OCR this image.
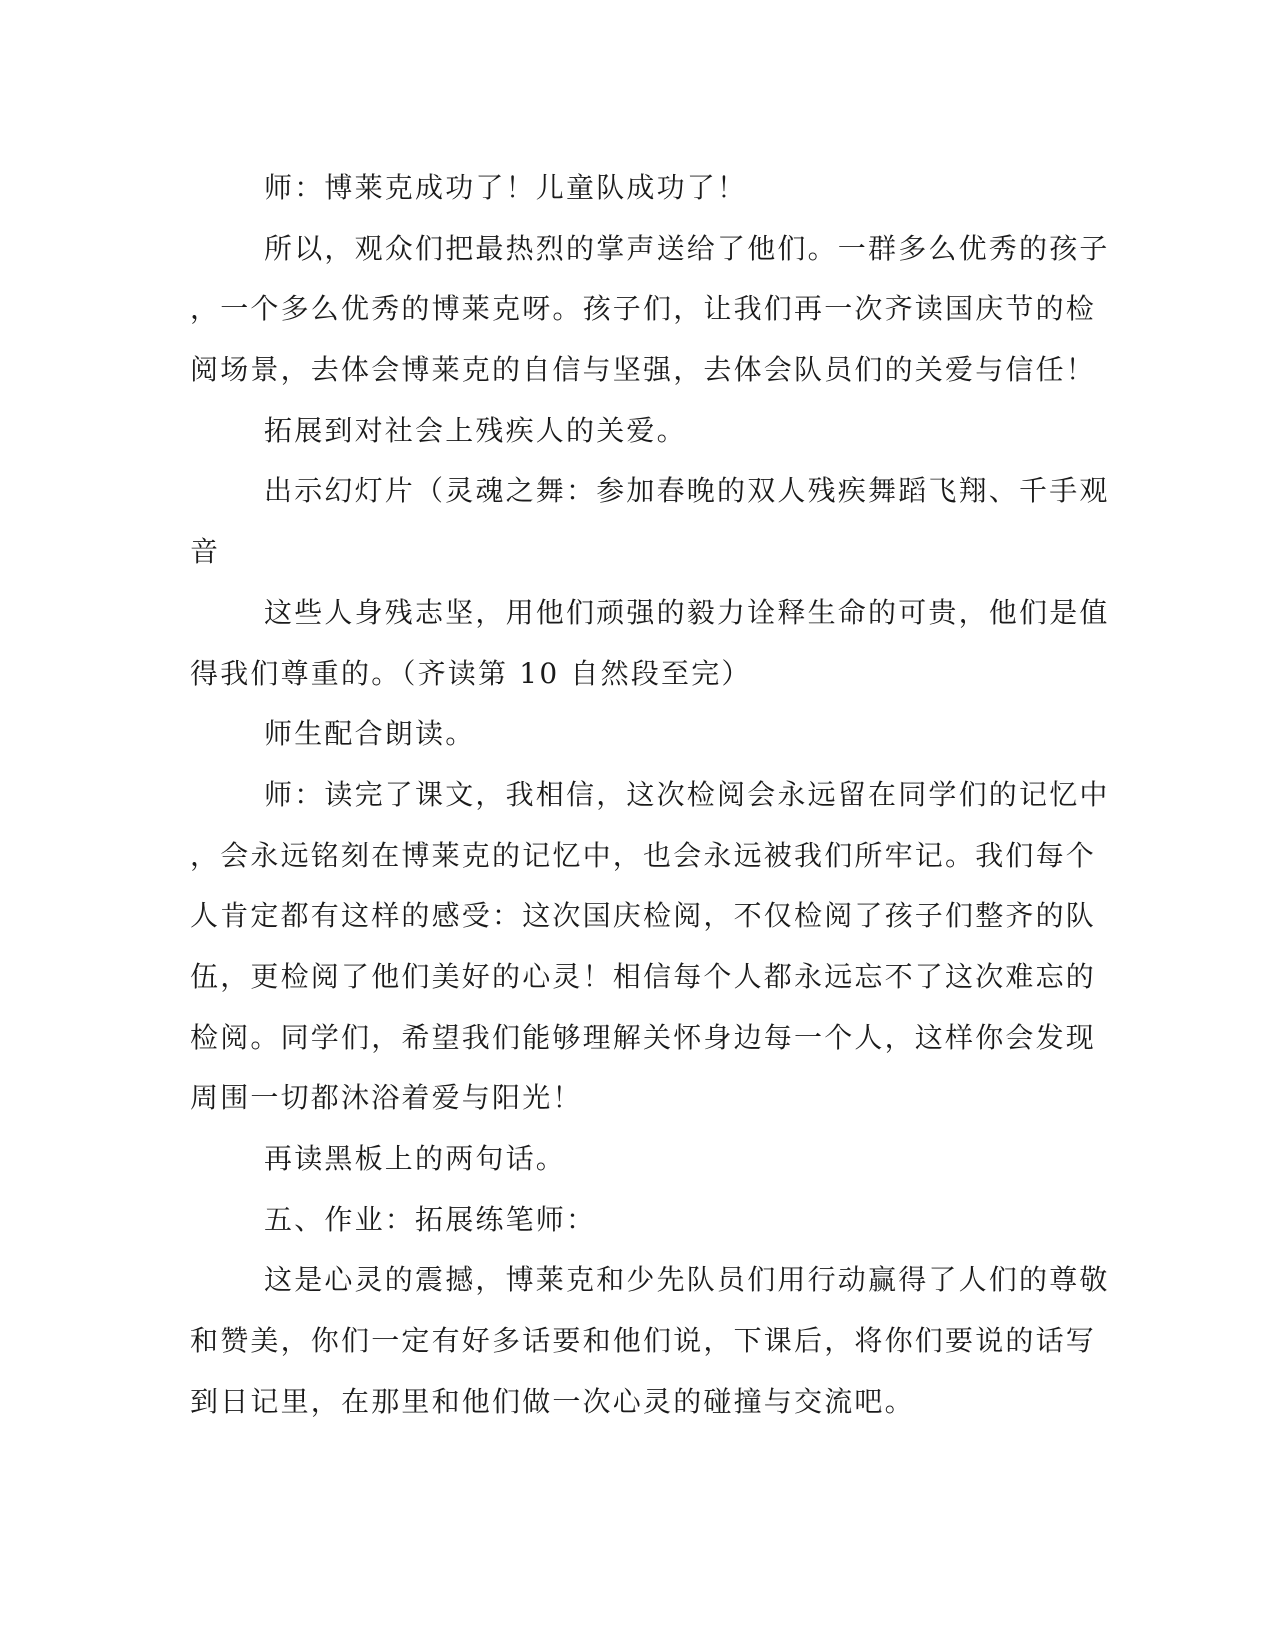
师：博莱克成功了！儿童队成功了！
所以，观众们把最热烈的掌声送给了他们。一群多么优秀的孩子
，一个多么优秀的博莱克呀。孩子们，让我们再一次齐读国庆节的检
阅场景，去体会博莱克的自信与坚强，去体会队员们的关爱与信任！
拓展到对社会上残疾人的关爱。
出示幻灯片（灵魂之舞：参加春晚的双人残疾舞蹈飞翔、千手观
音
这些人身残志坚，用他们顽强的毅力诠释生命的可贵，他们是值
得我们尊重的。（齐读第 10 自然段至完）
师生配合朗读。
师：读完了课文，我相信，这次检阅会永远留在同学们的记忆中
，会永远铭刻在博莱克的记忆中，也会永远被我们所牢记。我们每个
人肯定都有这样的感受：这次国庆检阅，不仅检阅了孩子们整齐的队
伍，更检阅了他们美好的心灵！相信每个人都永远忘不了这次难忘的
检阅。同学们，希望我们能够理解关怀身边每一个人，这样你会发现
周围一切都沐浴着爱与阳光！
再读黑板上的两句话。
五、作业：拓展练笔师：
这是心灵的震撼，博莱克和少先队员们用行动赢得了人们的尊敬
和赞美，你们一定有好多话要和他们说，下课后，将你们要说的话写
到日记里，在那里和他们做一次心灵的碰撞与交流吧。
